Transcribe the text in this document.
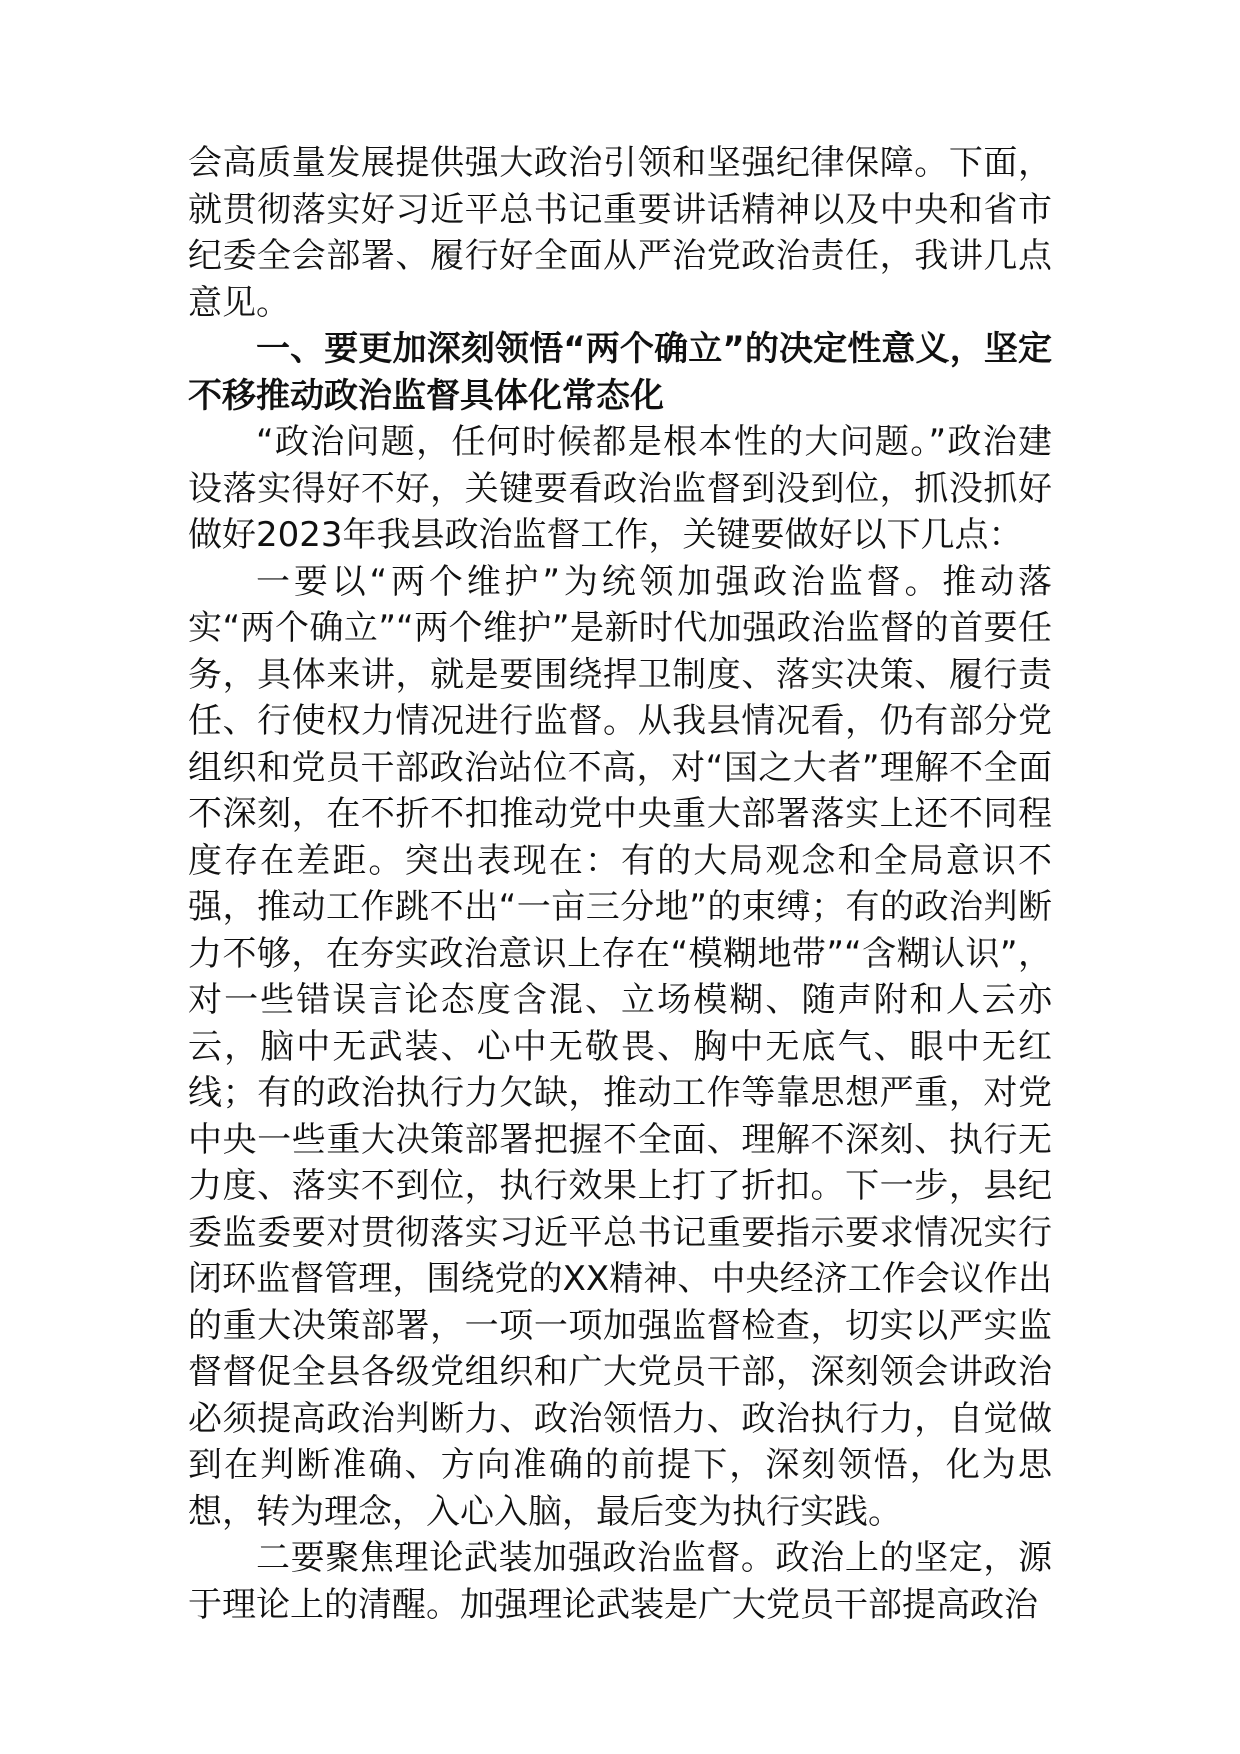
会高质量发展提供强大政治引领和坚强纪律保障。下面，就贯彻落实好习近平总书记重要讲话精神以及中央和省市纪委全会部署、履行好全面从严治党政治责任，我讲几点意见。

一、要更加深刻领悟“两个确立”的决定性意义，坚定不移推动政治监督具体化常态化

“政治问题，任何时候都是根本性的大问题。”政治建设落实得好不好，关键要看政治监督到没到位，抓没抓好做好2023年我县政治监督工作，关键要做好以下几点：

一要以“两个维护”为统领加强政治监督。推动落实“两个确立”“两个维护”是新时代加强政治监督的首要任务，具体来讲，就是要围绕捍卫制度、落实决策、履行责任、行使权力情况进行监督。从我县情况看，仍有部分党组织和党员干部政治站位不高，对“国之大者”理解不全面不深刻，在不折不扣推动党中央重大部署落实上还不同程度存在差距。突出表现在：有的大局观念和全局意识不强，推动工作跳不出“一亩三分地”的束缚；有的政治判断力不够，在夯实政治意识上存在“模糊地带”“含糊认识”，对一些错误言论态度含混、立场模糊、随声附和人云亦云，脑中无武装、心中无敬畏、胸中无底气、眼中无红线；有的政治执行力欠缺，推动工作等靠思想严重，对党中央一些重大决策部署把握不全面、理解不深刻、执行无力度、落实不到位，执行效果上打了折扣。下一步，县纪委监委要对贯彻落实习近平总书记重要指示要求情况实行闭环监督管理，围绕党的XX精神、中央经济工作会议作出的重大决策部署，一项一项加强监督检查，切实以严实监督督促全县各级党组织和广大党员干部，深刻领会讲政治必须提高政治判断力、政治领悟力、政治执行力，自觉做到在判断准确、方向准确的前提下，深刻领悟，化为思想，转为理念，入心入脑，最后变为执行实践。

二要聚焦理论武装加强政治监督。政治上的坚定，源于理论上的清醒。加强理论武装是广大党员干部提高政治
